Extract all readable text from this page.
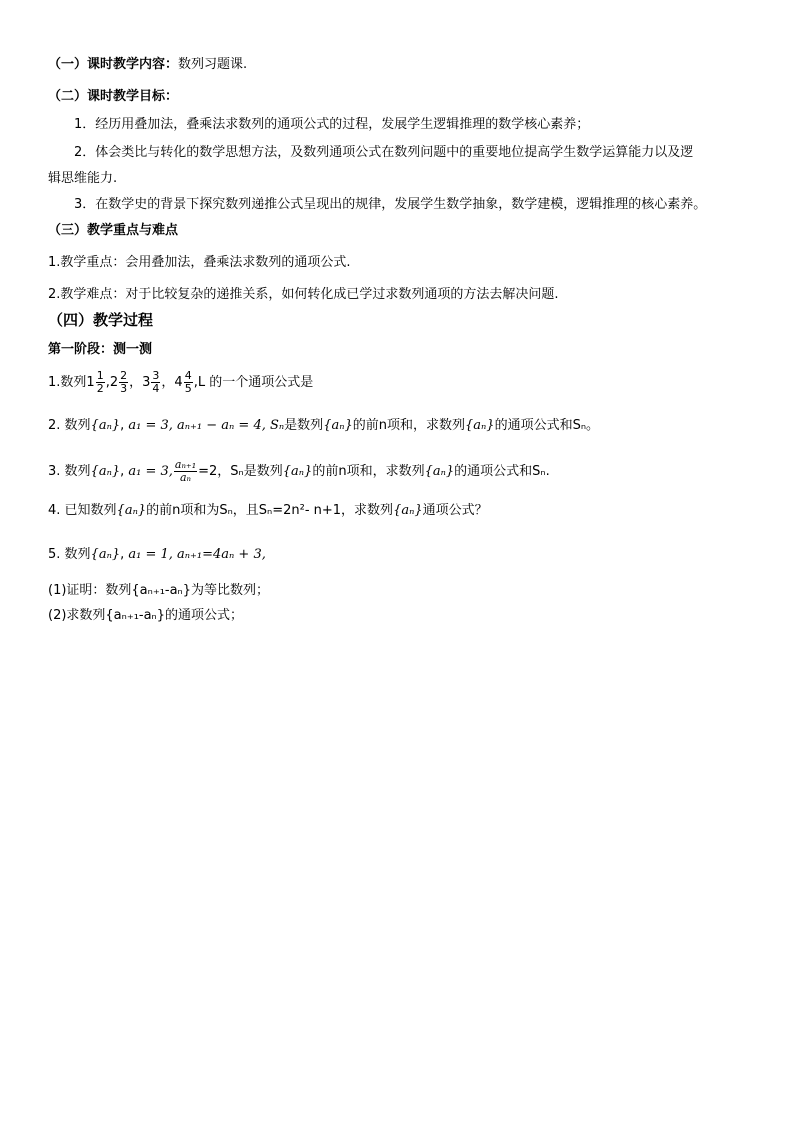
（一）课时教学内容：数列习题课.
（二）课时教学目标：
1．经历用叠加法，叠乘法求数列的通项公式的过程，发展学生逻辑推理的数学核心素养；
2．体会类比与转化的数学思想方法，及数列通项公式在数列问题中的重要地位提高学生数学运算能力以及逻
辑思维能力.
3．在数学史的背景下探究数列递推公式呈现出的规律，发展学生数学抽象，数学建模，逻辑推理的核心素养。
（三）教学重点与难点
1.教学重点：会用叠加法，叠乘法求数列的通项公式.
2.教学难点：对于比较复杂的递推关系，如何转化成已学过求数列通项的方法去解决问题.
（四）教学过程
第一阶段：测一测
1.数列$1 \frac{1}{2} ,2 \frac{2}{3}$ ，$3 \frac{3}{4}$ ，$4 \frac{4}{5} ,L$ 的一个通项公式是
2. 数列{aₙ}, a₁ = 3, aₙ₊₁ − aₙ = 4, Sₙ是数列{aₙ}的前n项和，求数列{aₙ}的通项公式和Sₙ。
3. 数列{aₙ}, a₁ = 3, $\frac{\text{aₙ₊₁}}{\text{aₙ}} =2$，Sₙ是数列{aₙ}的前n项和，求数列{aₙ}的通项公式和Sₙ.
4. 已知数列{aₙ}的前n项和为Sₙ，且Sₙ=2n²- n+1，求数列{aₙ}通项公式？
5. 数列{aₙ}, a₁ = 1, aₙ₊₁=4aₙ + 3,
(1)证明：数列{aₙ₊₁-aₙ}为等比数列；
(2)求数列{aₙ₊₁-aₙ}的通项公式；
